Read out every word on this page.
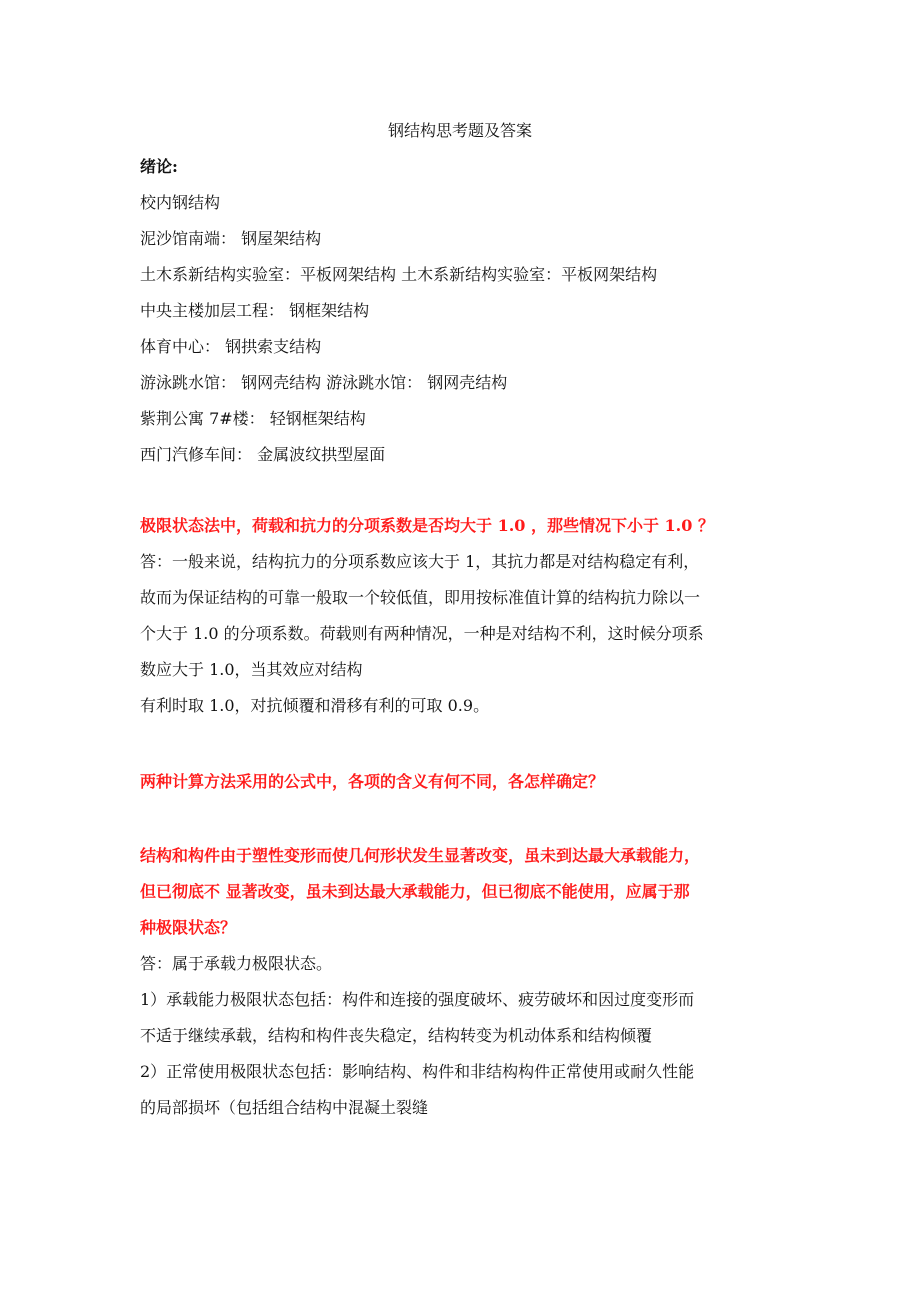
钢结构思考题及答案
绪论:
校内钢结构
泥沙馆南端： 钢屋架结构
土木系新结构实验室：平板网架结构 土木系新结构实验室：平板网架结构
中央主楼加层工程： 钢框架结构
体育中心： 钢拱索支结构
游泳跳水馆： 钢网壳结构 游泳跳水馆： 钢网壳结构
紫荆公寓 7#楼： 轻钢框架结构
西门汽修车间： 金属波纹拱型屋面
极限状态法中，荷载和抗力的分项系数是否均大于 1.0 ，那些情况下小于 1.0 ？
答：一般来说，结构抗力的分项系数应该大于 1，其抗力都是对结构稳定有利，
故而为保证结构的可靠一般取一个较低值，即用按标准值计算的结构抗力除以一
个大于 1.0 的分项系数。荷载则有两种情况，一种是对结构不利，这时候分项系
数应大于 1.0，当其效应对结构
有利时取 1.0，对抗倾覆和滑移有利的可取 0.9。
两种计算方法采用的公式中，各项的含义有何不同，各怎样确定？
结构和构件由于塑性变形而使几何形状发生显著改变，虽未到达最大承载能力，
但已彻底不 显著改变，虽未到达最大承载能力，但已彻底不能使用，应属于那
种极限状态？
答：属于承载力极限状态。
1）承载能力极限状态包括：构件和连接的强度破坏、疲劳破坏和因过度变形而
不适于继续承载，结构和构件丧失稳定，结构转变为机动体系和结构倾覆
2）正常使用极限状态包括：影响结构、构件和非结构构件正常使用或耐久性能
的局部损坏（包括组合结构中混凝土裂缝
